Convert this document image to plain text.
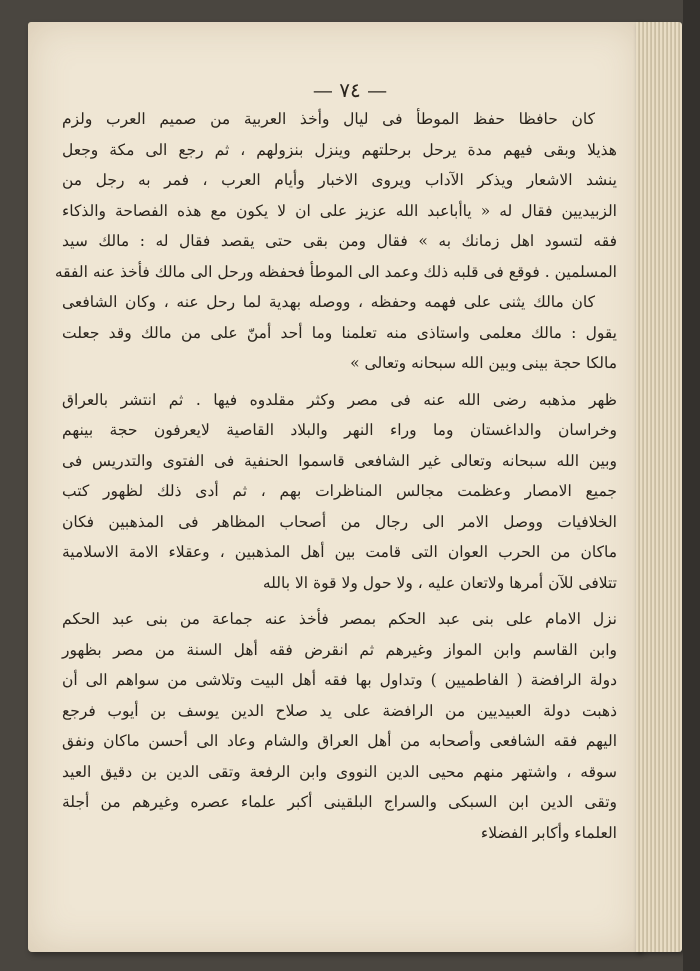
— ٧٤ —
كان حافظا حفظ الموطأ فى ليال وأخذ العربية من صميم العرب ولزم
هذيلا وبقى فيهم مدة يرحل برحلتهم وينزل بنزولهم ، ثم رجع الى مكة وجعل
ينشد الاشعار ويذكر الآداب ويروى الاخبار وأيام العرب ، فمر به رجل من
الزبيديين فقال له « ياأباعبد الله عزيز على ان لا يكون مع هذه الفصاحة والذكاء
فقه لتسود اهل زمانك به » فقال ومن بقى حتى يقصد فقال له : مالك سيد
المسلمين . فوقع فى قلبه ذلك وعمد الى الموطأ فحفظه ورحل الى مالك فأخذ عنه الفقه
كان مالك يثنى على فهمه وحفظه ، ووصله بهدية لما رحل عنه ، وكان الشافعى
يقول : مالك معلمى واستاذى منه تعلمنا وما أحد أمنّ على من مالك وقد جعلت
مالكا حجة بينى وبين الله سبحانه وتعالى »
ظهر مذهبه رضى الله عنه فى مصر وكثر مقلدوه فيها . ثم انتشر بالعراق
وخراسان والداغستان وما وراء النهر والبلاد القاصية لايعرفون حجة بينهم
وبين الله سبحانه وتعالى غير الشافعى قاسموا الحنفية فى الفتوى والتدريس فى
جميع الامصار وعظمت مجالس المناظرات بهم ، ثم أدى ذلك لظهور كتب
الخلافيات ووصل الامر الى رجال من أصحاب المظاهر فى المذهبين فكان
ماكان من الحرب العوان التى قامت بين أهل المذهبين ، وعقلاء الامة الاسلامية
تتلافى للآن أمرها ولاتعان عليه ، ولا حول ولا قوة الا بالله
نزل الامام على بنى عبد الحكم بمصر فأخذ عنه جماعة من بنى عبد الحكم
وابن القاسم وابن المواز وغيرهم ثم انقرض فقه أهل السنة من مصر بظهور
دولة الرافضة ( الفاطميين ) وتداول بها فقه أهل البيت وتلاشى من سواهم الى أن
ذهبت دولة العبيديين من الرافضة على يد صلاح الدين يوسف بن أيوب فرجع
اليهم فقه الشافعى وأصحابه من أهل العراق والشام وعاد الى أحسن ماكان ونفق
سوقه ، واشتهر منهم محيى الدين النووى وابن الرفعة وتقى الدين بن دقيق العيد
وتقى الدين ابن السبكى والسراج البلقينى أكبر علماء عصره وغيرهم من أجلة
العلماء وأكابر الفضلاء
